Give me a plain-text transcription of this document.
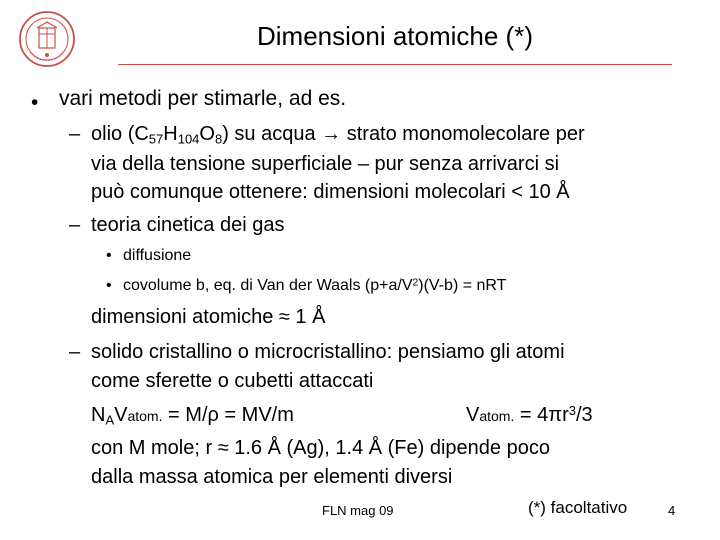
Dimensioni atomiche (*)
• vari metodi per stimarle, ad es.
– olio $(C_{57}H_{104}O_8)$ su acqua → strato monomolecolare per
via della tensione superficiale – pur senza arrivarci si
può comunque ottenere: dimensioni molecolari < 10 Å
– teoria cinetica dei gas
• diffusione
• covolume b, eq. di Van der Waals $(p+a/V^2)(V-b)$ = nRT
dimensioni atomiche ≈ 1 Å
– solido cristallino o microcristallino: pensiamo gli atomi
come sferette o cubetti attaccati
$N_AVatom$. = M/ρ = MV/m	Vatom. = $4\pi r^3/3$
con M mole; r ≈ 1.6 Å (Ag), 1.4 Å (Fe) dipende poco
dalla massa atomica per elementi diversi
FLN mag 09	(*) facoltativo	4
